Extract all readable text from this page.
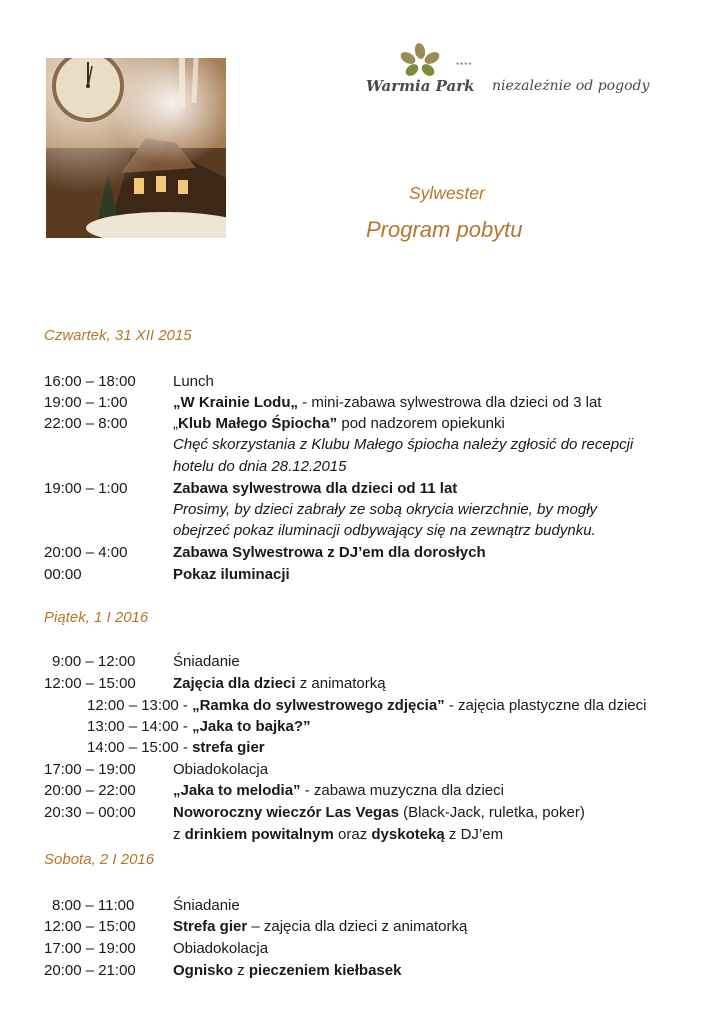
****
Warmia Park niezależnie od pogody
Sylwester
Program pobytu
Czwartek, 31 XII 2015
16:00 – 18:00 Lunch
19:00 – 1:00	„W Krainie Lodu„ - mini-zabawa sylwestrowa dla dzieci od 3 lat
22:00 – 8:00	„Klub Małego Śpiocha” pod nadzorem opiekunki
Chęć skorzystania z Klubu Małego śpiocha należy zgłosić do recepcji
hotelu do dnia 28.12.2015
19:00 – 1:00	Zabawa sylwestrowa dla dzieci od 11 lat
Prosimy, by dzieci zabrały ze sobą okrycia wierzchnie, by mogły
obejrzeć pokaz iluminacji odbywający się na zewnątrz budynku.
20:00 – 4:00	Zabawa Sylwestrowa z DJ’em dla dorosłych
00:00	Pokaz iluminacji
Piątek, 1 I 2016
9:00 – 12:00	Śniadanie
12:00 – 15:00 Zajęcia dla dzieci z animatorką
12:00 – 13:00 - „Ramka do sylwestrowego zdjęcia” - zajęcia plastyczne dla dzieci
13:00 – 14:00 - „Jaka to bajka?”
14:00 – 15:00 - strefa gier
17:00 – 19:00 Obiadokolacja
20:00 – 22:00 „Jaka to melodia” - zabawa muzyczna dla dzieci
20:30 – 00:00 Noworoczny wieczór Las Vegas (Black-Jack, ruletka, poker)
z drinkiem powitalnym oraz dyskoteką z DJ’em
Sobota, 2 I 2016
8:00 – 11:00	Śniadanie
12:00 – 15:00 Strefa gier – zajęcia dla dzieci z animatorką
17:00 – 19:00 Obiadokolacja
20:00 – 21:00 Ognisko z pieczeniem kiełbasek
